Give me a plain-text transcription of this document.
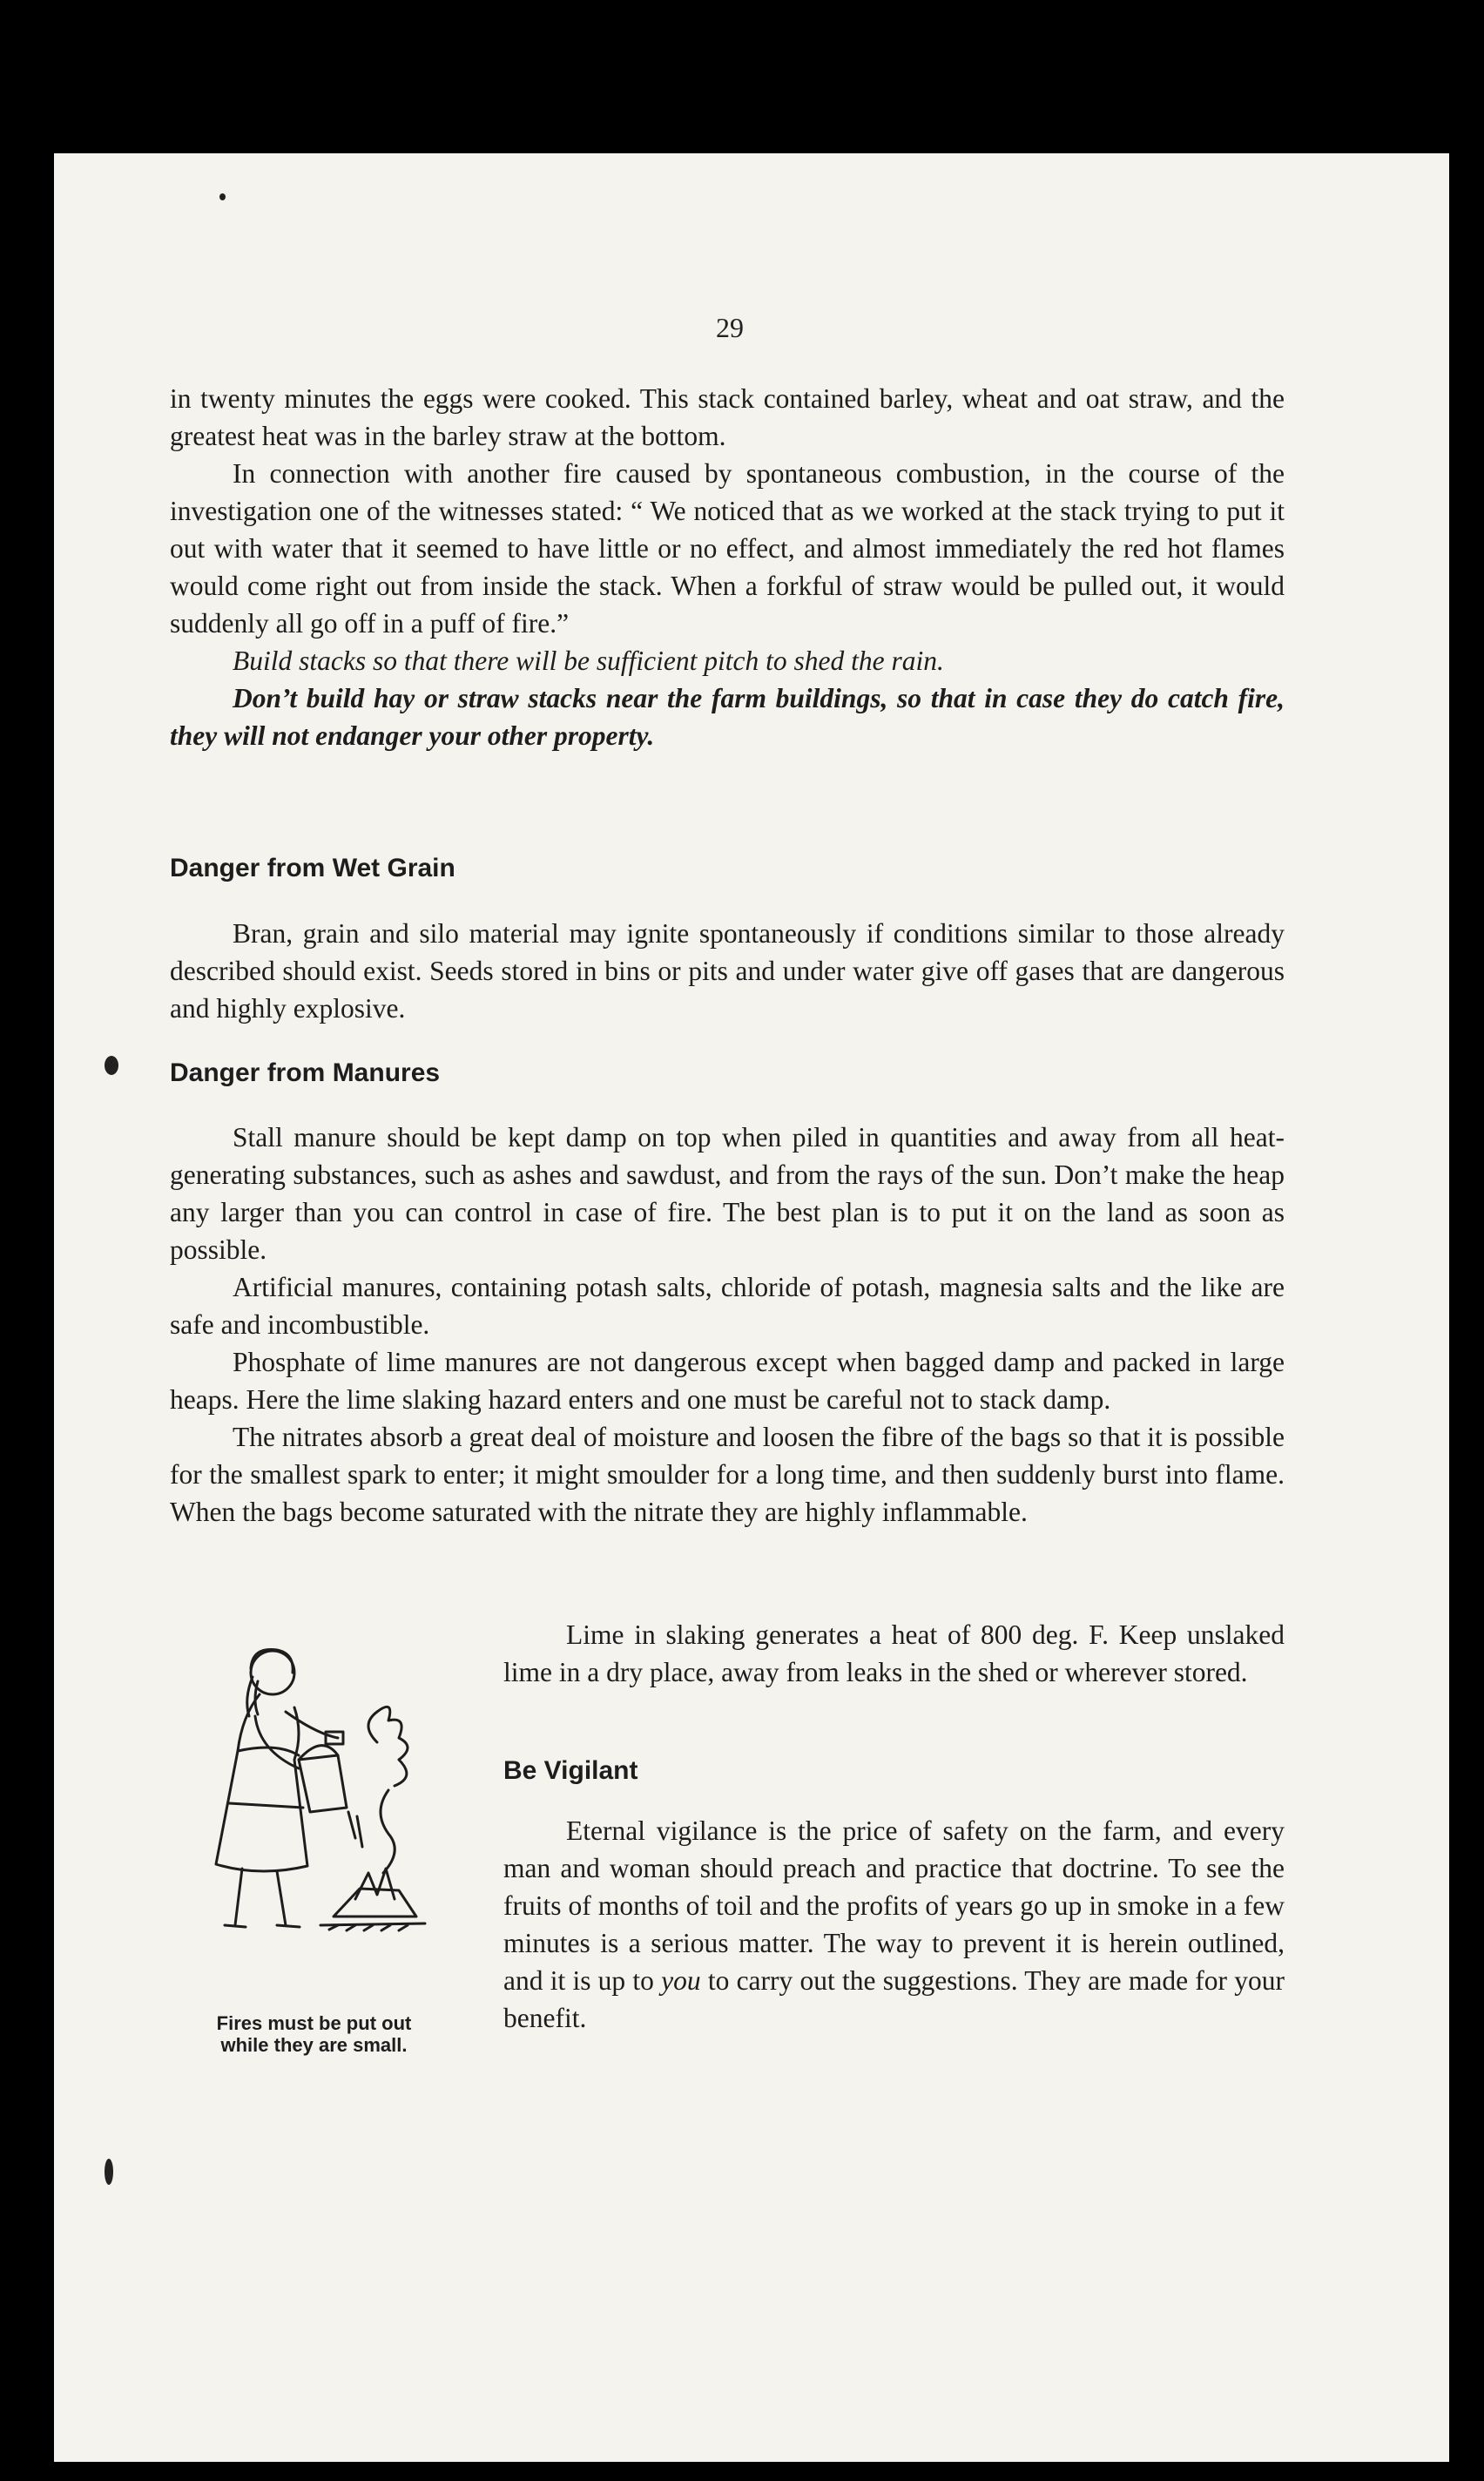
29

in twenty minutes the eggs were cooked. This stack contained barley, wheat and oat straw, and the greatest heat was in the barley straw at the bottom.

In connection with another fire caused by spontaneous combustion, in the course of the investigation one of the witnesses stated: “ We noticed that as we worked at the stack trying to put it out with water that it seemed to have little or no effect, and almost immediately the red hot flames would come right out from inside the stack. When a forkful of straw would be pulled out, it would suddenly all go off in a puff of fire.”

Build stacks so that there will be sufficient pitch to shed the rain.

Don’t build hay or straw stacks near the farm buildings, so that in case they do catch fire, they will not endanger your other property.

Danger from Wet Grain

Bran, grain and silo material may ignite spontaneously if conditions similar to those already described should exist. Seeds stored in bins or pits and under water give off gases that are dangerous and highly explosive.

Danger from Manures

Stall manure should be kept damp on top when piled in quantities and away from all heat-generating substances, such as ashes and sawdust, and from the rays of the sun. Don’t make the heap any larger than you can control in case of fire. The best plan is to put it on the land as soon as possible.

Artificial manures, containing potash salts, chloride of potash, magnesia salts and the like are safe and incombustible.

Phosphate of lime manures are not dangerous except when bagged damp and packed in large heaps. Here the lime slaking hazard enters and one must be careful not to stack damp.

The nitrates absorb a great deal of moisture and loosen the fibre of the bags so that it is possible for the smallest spark to enter; it might smoulder for a long time, and then suddenly burst into flame. When the bags become saturated with the nitrate they are highly inflammable.

Lime in slaking generates a heat of 800 deg. F. Keep unslaked lime in a dry place, away from leaks in the shed or wherever stored.

Be Vigilant

Eternal vigilance is the price of safety on the farm, and every man and woman should preach and practice that doctrine. To see the fruits of months of toil and the profits of years go up in smoke in a few minutes is a serious matter. The way to prevent it is herein outlined, and it is up to you to carry out the suggestions. They are made for your benefit.

Fires must be put out
while they are small.
